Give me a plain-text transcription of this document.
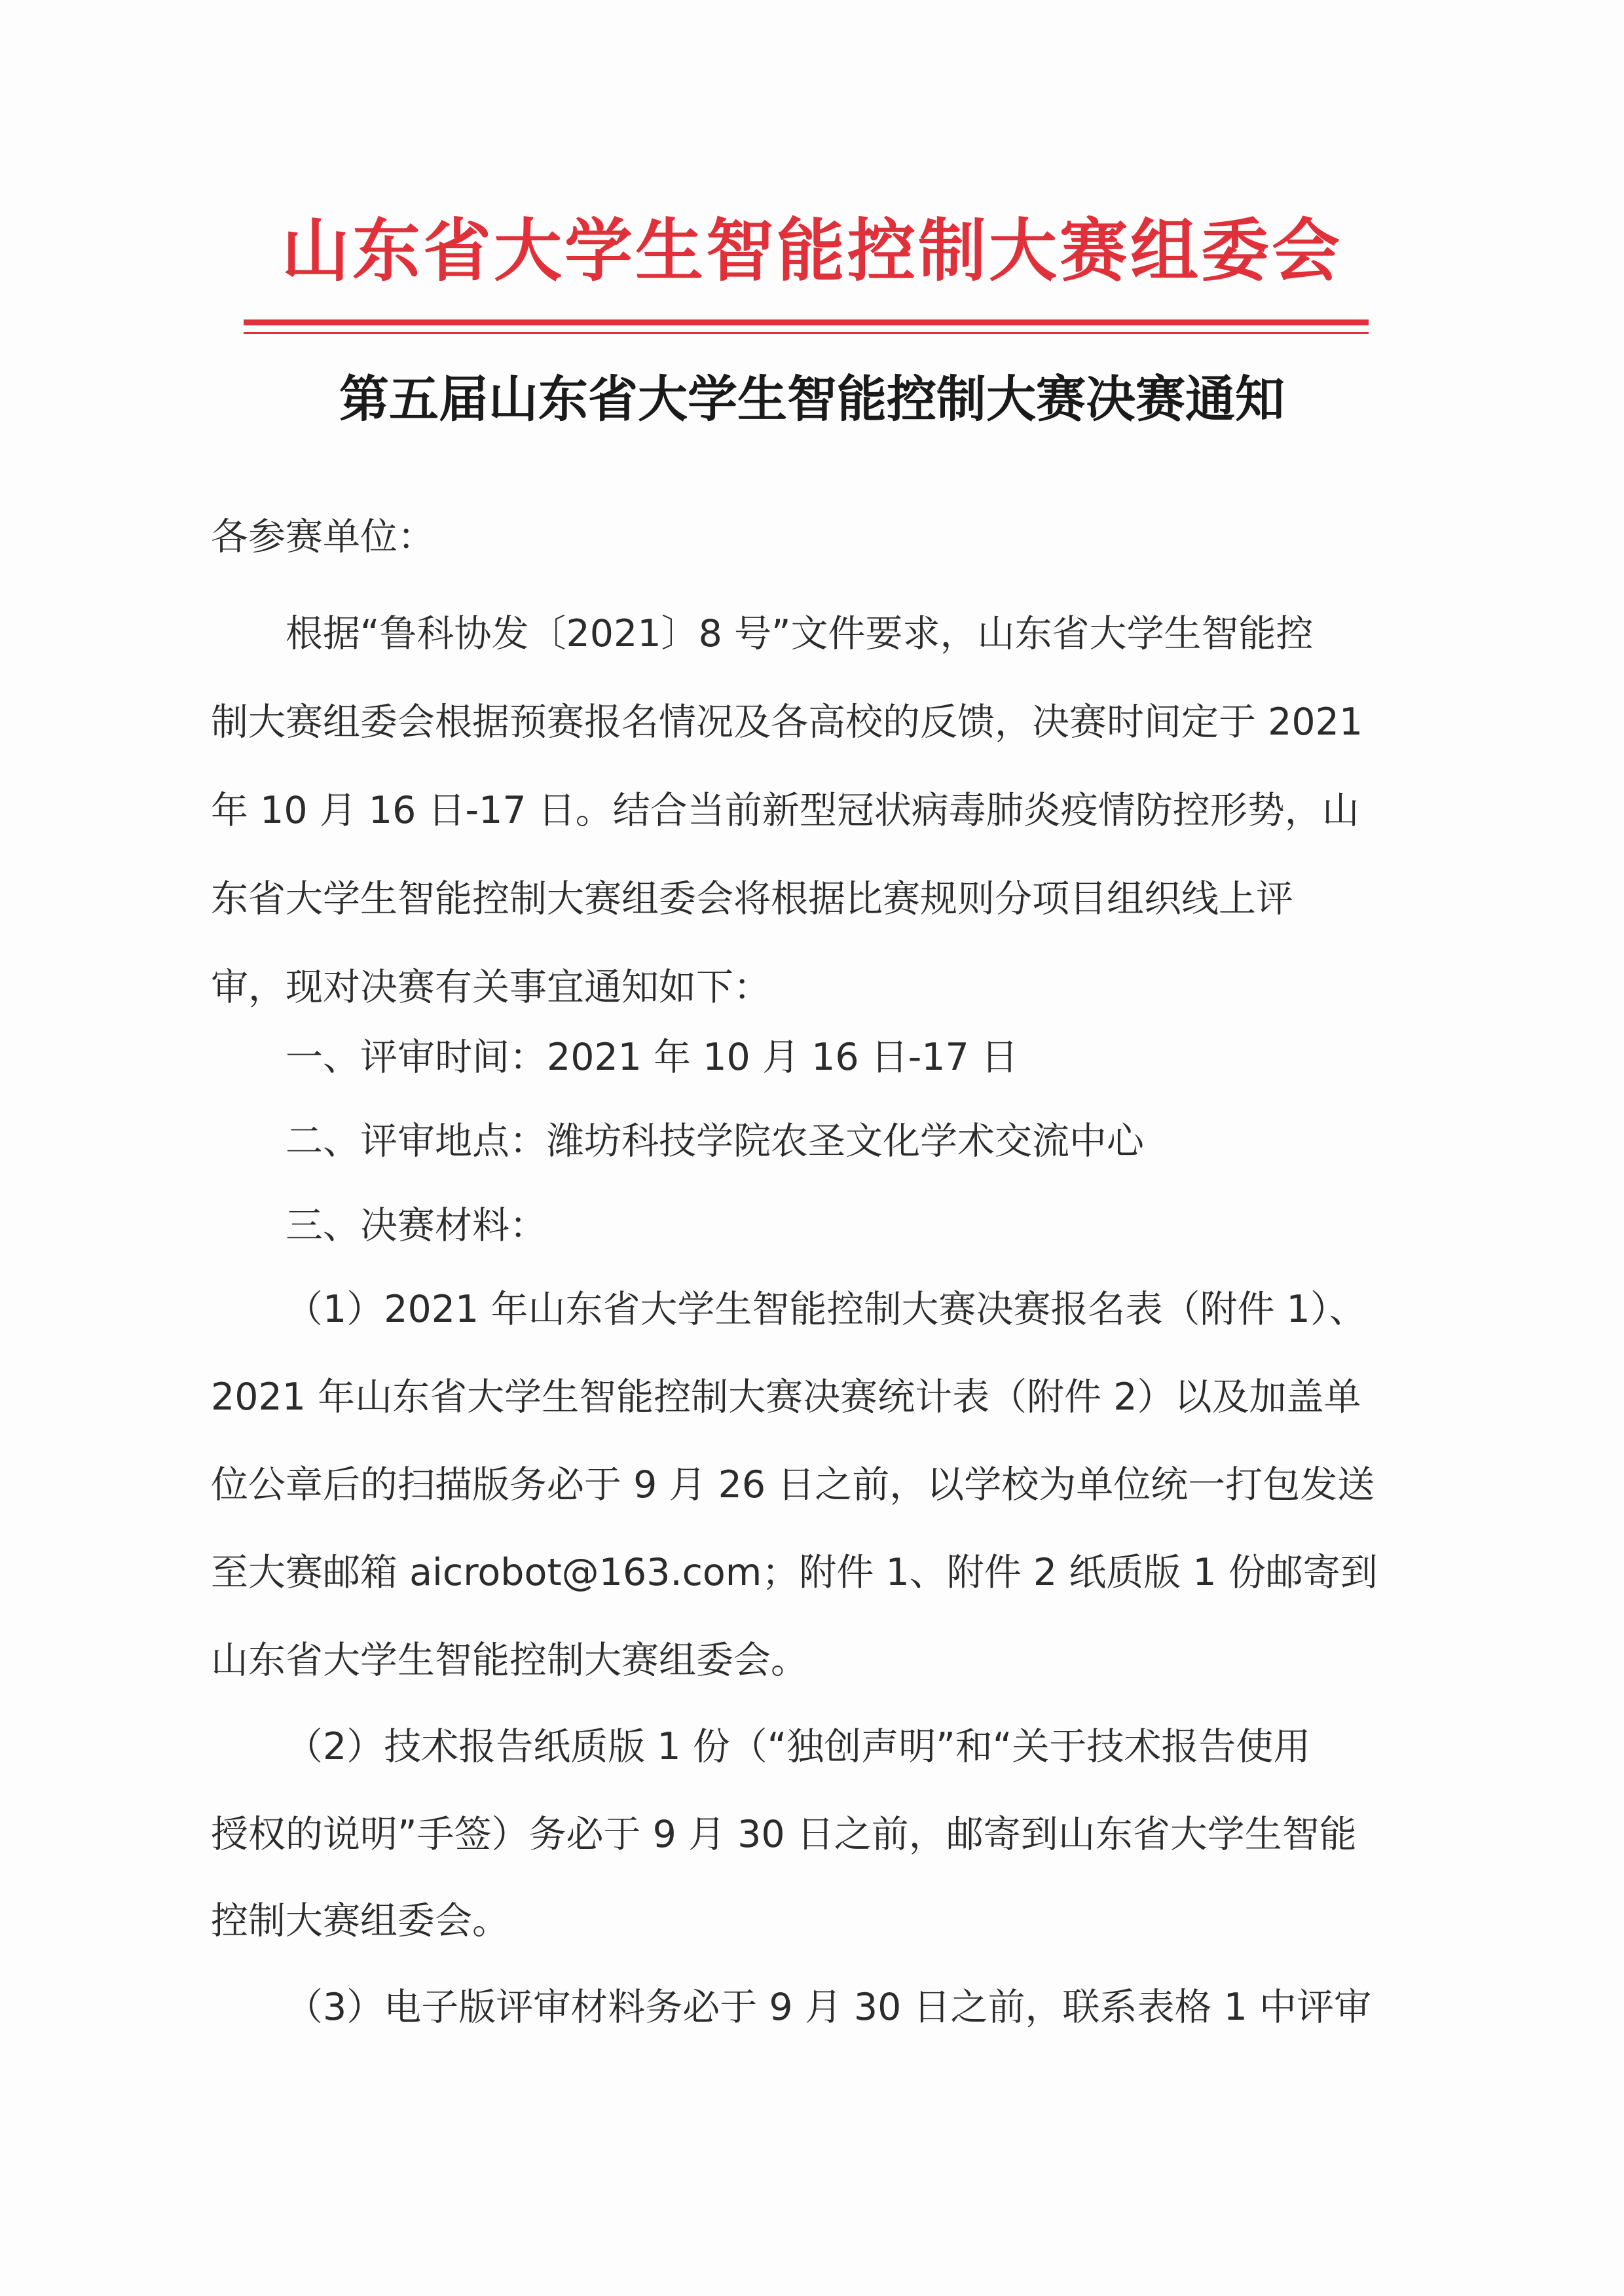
山东省大学生智能控制大赛组委会
第五届山东省大学生智能控制大赛决赛通知
各参赛单位：
根据“鲁科协发〔2021〕8 号”文件要求，山东省大学生智能控
制大赛组委会根据预赛报名情况及各高校的反馈，决赛时间定于 2021
年 10 月 16 日-17 日。结合当前新型冠状病毒肺炎疫情防控形势，山
东省大学生智能控制大赛组委会将根据比赛规则分项目组织线上评
审，现对决赛有关事宜通知如下：
一、评审时间：2021 年 10 月 16 日-17 日
二、评审地点：潍坊科技学院农圣文化学术交流中心
三、决赛材料：
（1）2021 年山东省大学生智能控制大赛决赛报名表（附件 1）、
2021 年山东省大学生智能控制大赛决赛统计表（附件 2）以及加盖单
位公章后的扫描版务必于 9 月 26 日之前，以学校为单位统一打包发送
至大赛邮箱 aicrobot@163.com；附件 1、附件 2 纸质版 1 份邮寄到
山东省大学生智能控制大赛组委会。
（2）技术报告纸质版 1 份（“独创声明”和“关于技术报告使用
授权的说明”手签）务必于 9 月 30 日之前，邮寄到山东省大学生智能
控制大赛组委会。
（3）电子版评审材料务必于 9 月 30 日之前，联系表格 1 中评审
